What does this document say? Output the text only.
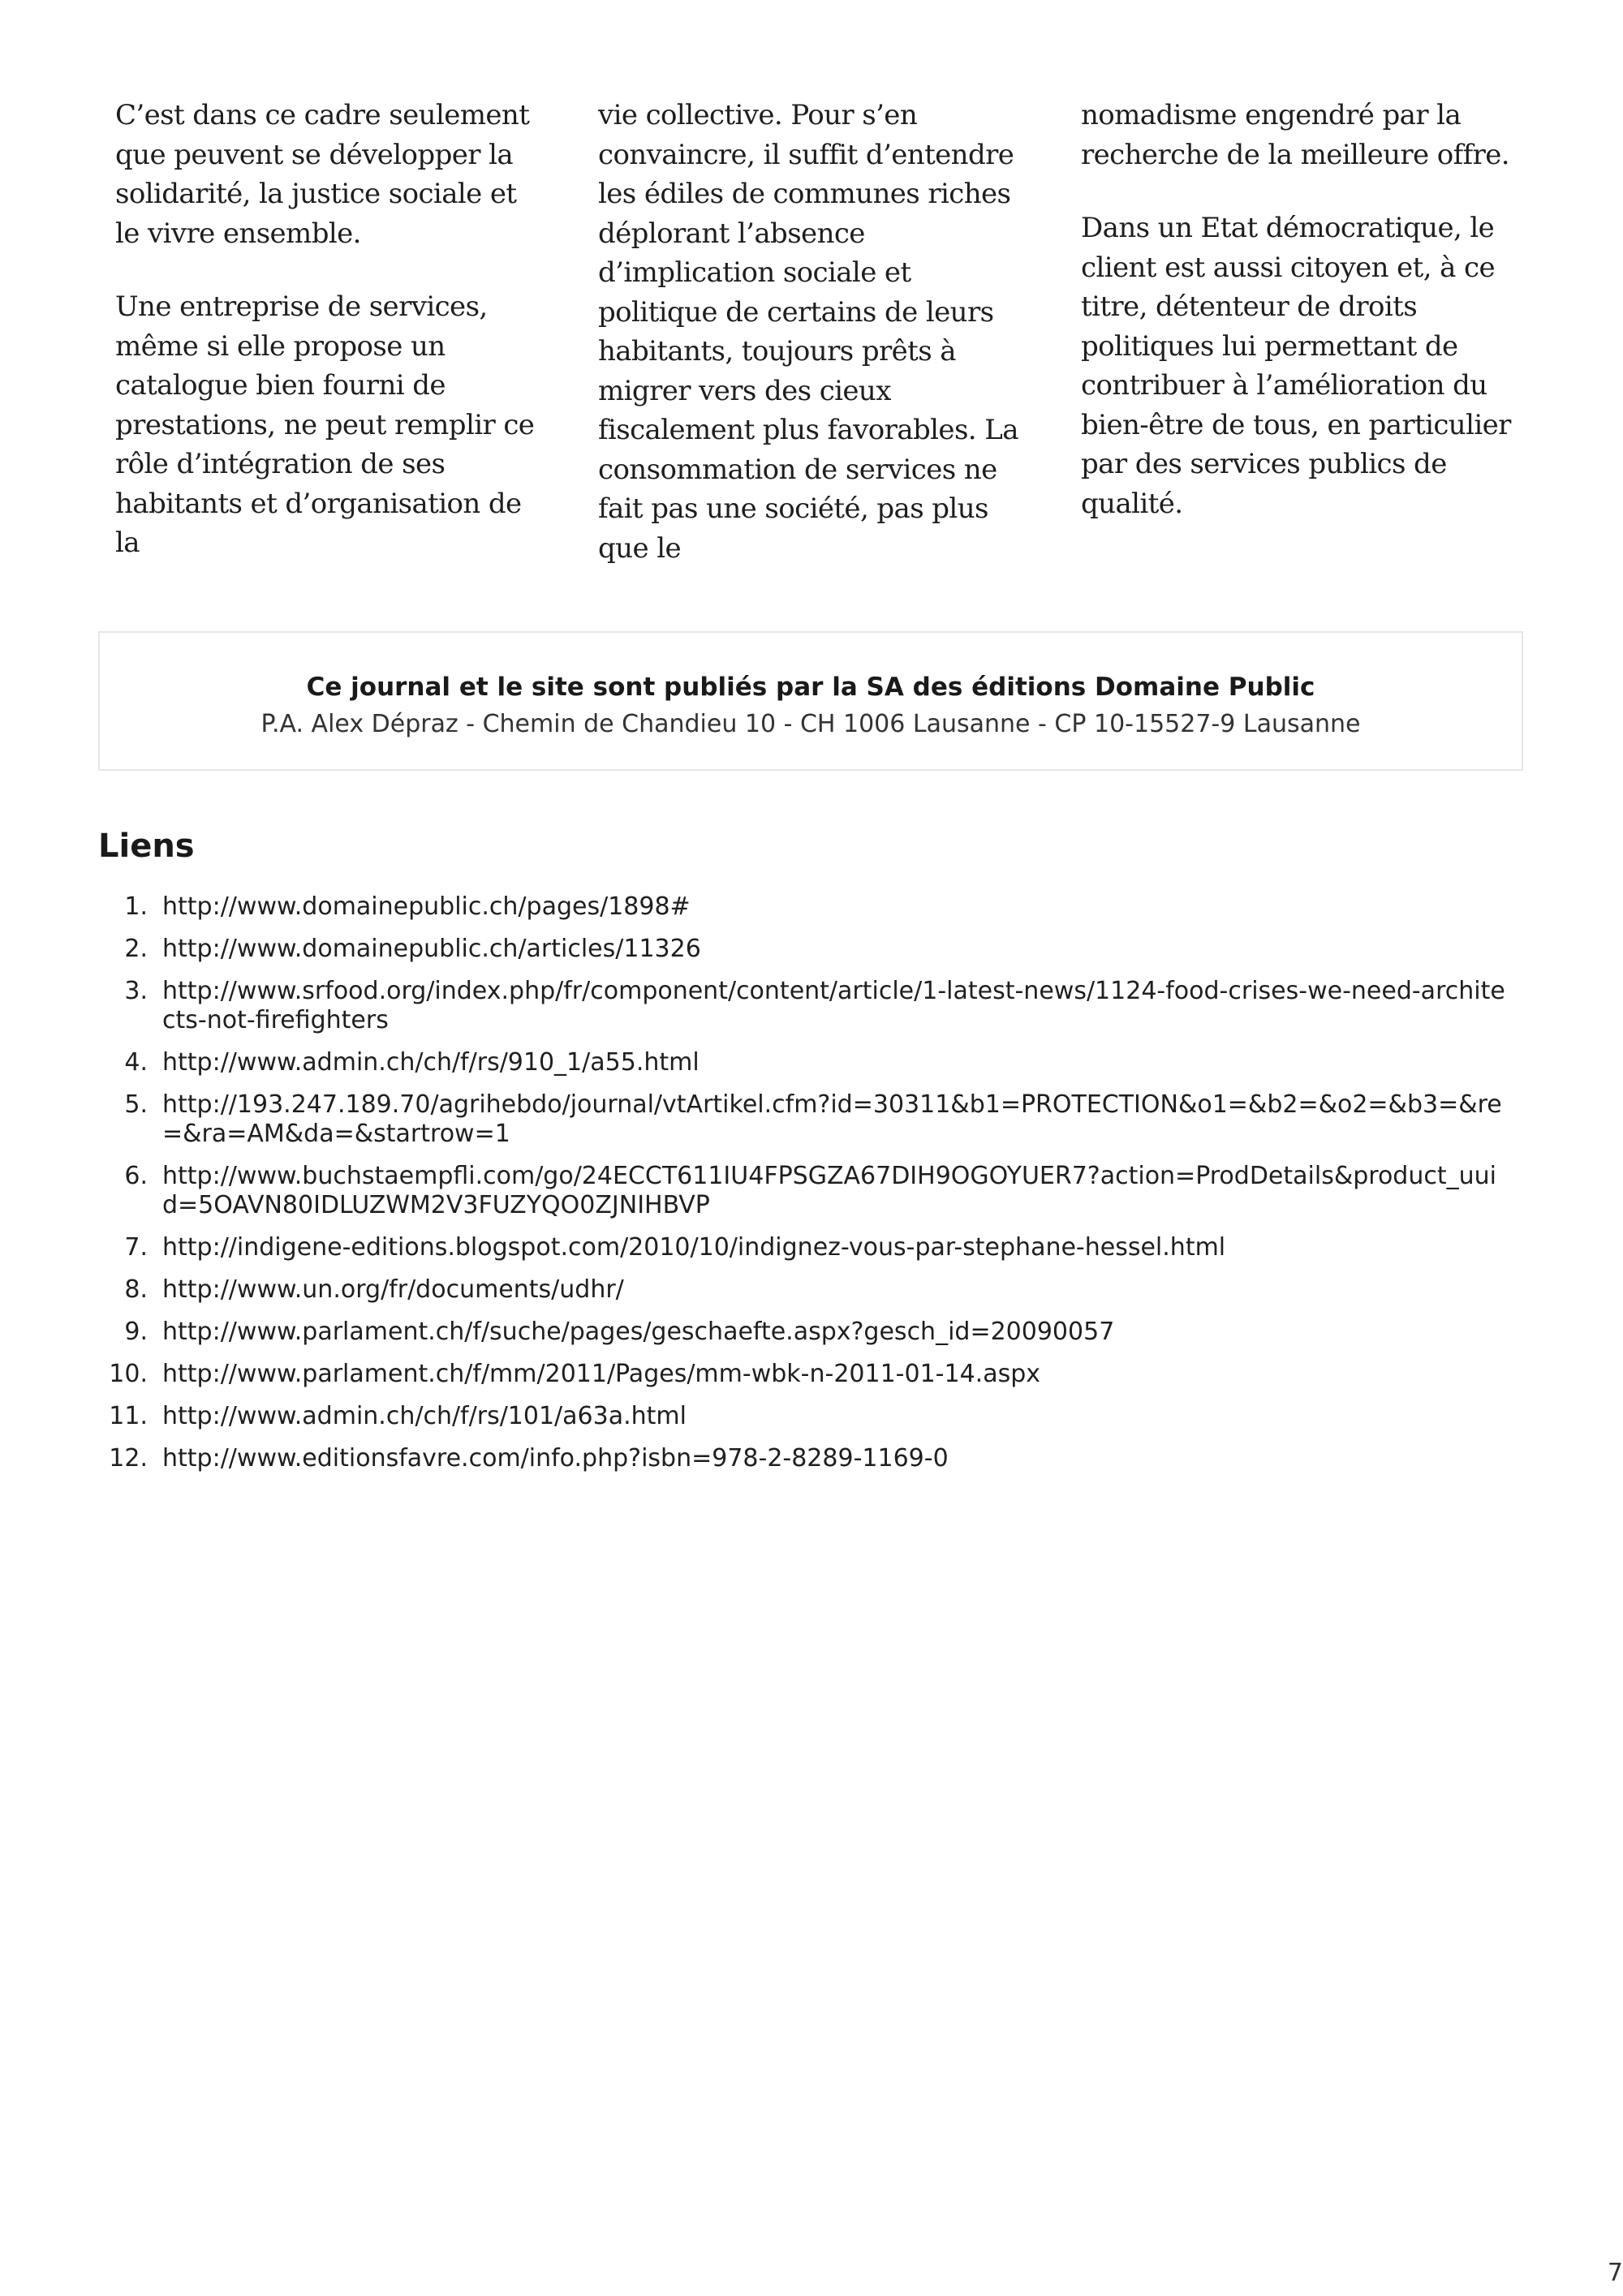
C’est dans ce cadre seulement que peuvent se développer la solidarité, la justice sociale et le vivre ensemble.

Une entreprise de services, même si elle propose un catalogue bien fourni de prestations, ne peut remplir ce rôle d’intégration de ses habitants et d’organisation de la

vie collective. Pour s’en convaincre, il suffit d’entendre les édiles de communes riches déplorant l’absence d’implication sociale et politique de certains de leurs habitants, toujours prêts à migrer vers des cieux fiscalement plus favorables. La consommation de services ne fait pas une société, pas plus que le

nomadisme engendré par la recherche de la meilleure offre.

Dans un Etat démocratique, le client est aussi citoyen et, à ce titre, détenteur de droits politiques lui permettant de contribuer à l’amélioration du bien-être de tous, en particulier par des services publics de qualité.

Ce journal et le site sont publiés par la SA des éditions Domaine Public
P.A. Alex Dépraz - Chemin de Chandieu 10 - CH 1006 Lausanne - CP 10-15527-9 Lausanne
Liens
1. http://www.domainepublic.ch/pages/1898#
2. http://www.domainepublic.ch/articles/11326
3. http://www.srfood.org/index.php/fr/component/content/article/1-latest-news/1124-food-crises-we-need-architects-not-firefighters
4. http://www.admin.ch/ch/f/rs/910_1/a55.html
5. http://193.247.189.70/agrihebdo/journal/vtArtikel.cfm?id=30311&b1=PROTECTION&o1=&b2=&o2=&b3=&re=&ra=AM&da=&startrow=1
6. http://www.buchstaempfli.com/go/24ECCT611IU4FPSGZA67DIH9OGOYUER7?action=ProdDetails&product_uuid=5OAVN80IDLUZWM2V3FUZYQO0ZJNIHBVP
7. http://indigene-editions.blogspot.com/2010/10/indignez-vous-par-stephane-hessel.html
8. http://www.un.org/fr/documents/udhr/
9. http://www.parlament.ch/f/suche/pages/geschaefte.aspx?gesch_id=20090057
10. http://www.parlament.ch/f/mm/2011/Pages/mm-wbk-n-2011-01-14.aspx
11. http://www.admin.ch/ch/f/rs/101/a63a.html
12. http://www.editionsfavre.com/info.php?isbn=978-2-8289-1169-0
7
